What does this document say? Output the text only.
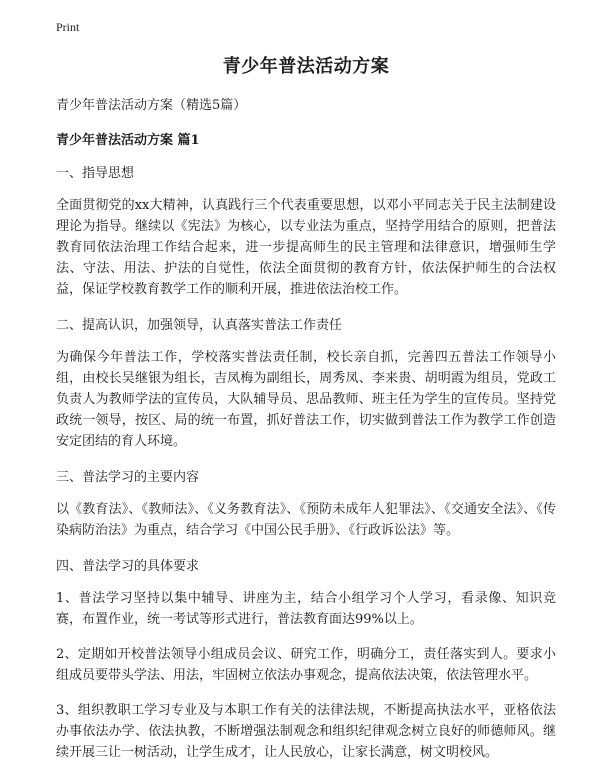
Print
青少年普法活动方案
青少年普法活动方案（精选5篇）
青少年普法活动方案 篇1
一、指导思想
全面贯彻党的xx大精神，认真践行三个代表重要思想，以邓小平同志关于民主法制建设理论为指导。继续以《宪法》为核心，以专业法为重点，坚持学用结合的原则，把普法教育同依法治理工作结合起来，进一步提高师生的民主管理和法律意识，增强师生学法、守法、用法、护法的自觉性，依法全面贯彻的教育方针，依法保护师生的合法权益，保证学校教育教学工作的顺利开展，推进依法治校工作。
二、提高认识，加强领导，认真落实普法工作责任
为确保今年普法工作，学校落实普法责任制，校长亲自抓，完善四五普法工作领导小组，由校长吴继银为组长，吉凤梅为副组长，周秀凤、李来贵、胡明霞为组员，党政工负责人为教师学法的宣传员，大队辅导员、思品教师、班主任为学生的宣传员。坚持党政统一领导，按区、局的统一布置，抓好普法工作，切实做到普法工作为教学工作创造安定团结的育人环境。
三、普法学习的主要内容
以《教育法》、《教师法》、《义务教育法》、《预防未成年人犯罪法》、《交通安全法》、《传染病防治法》为重点，结合学习《中国公民手册》、《行政诉讼法》等。
四、普法学习的具体要求
1、普法学习坚持以集中辅导、讲座为主，结合小组学习个人学习，看录像、知识竞赛，布置作业，统一考试等形式进行，普法教育面达99%以上。
2、定期如开校普法领导小组成员会议、研究工作，明确分工，责任落实到人。要求小组成员要带头学法、用法，牢固树立依法办事观念，提高依法决策，依法管理水平。
3、组织教职工学习专业及与本职工作有关的法律法规，不断提高执法水平，亚格依法办事依法办学、依法执教，不断增强法制观念和组织纪律观念树立良好的师德师风。继续开展三让一树活动，让学生成才，让人民放心，让家长满意，树文明校风。
